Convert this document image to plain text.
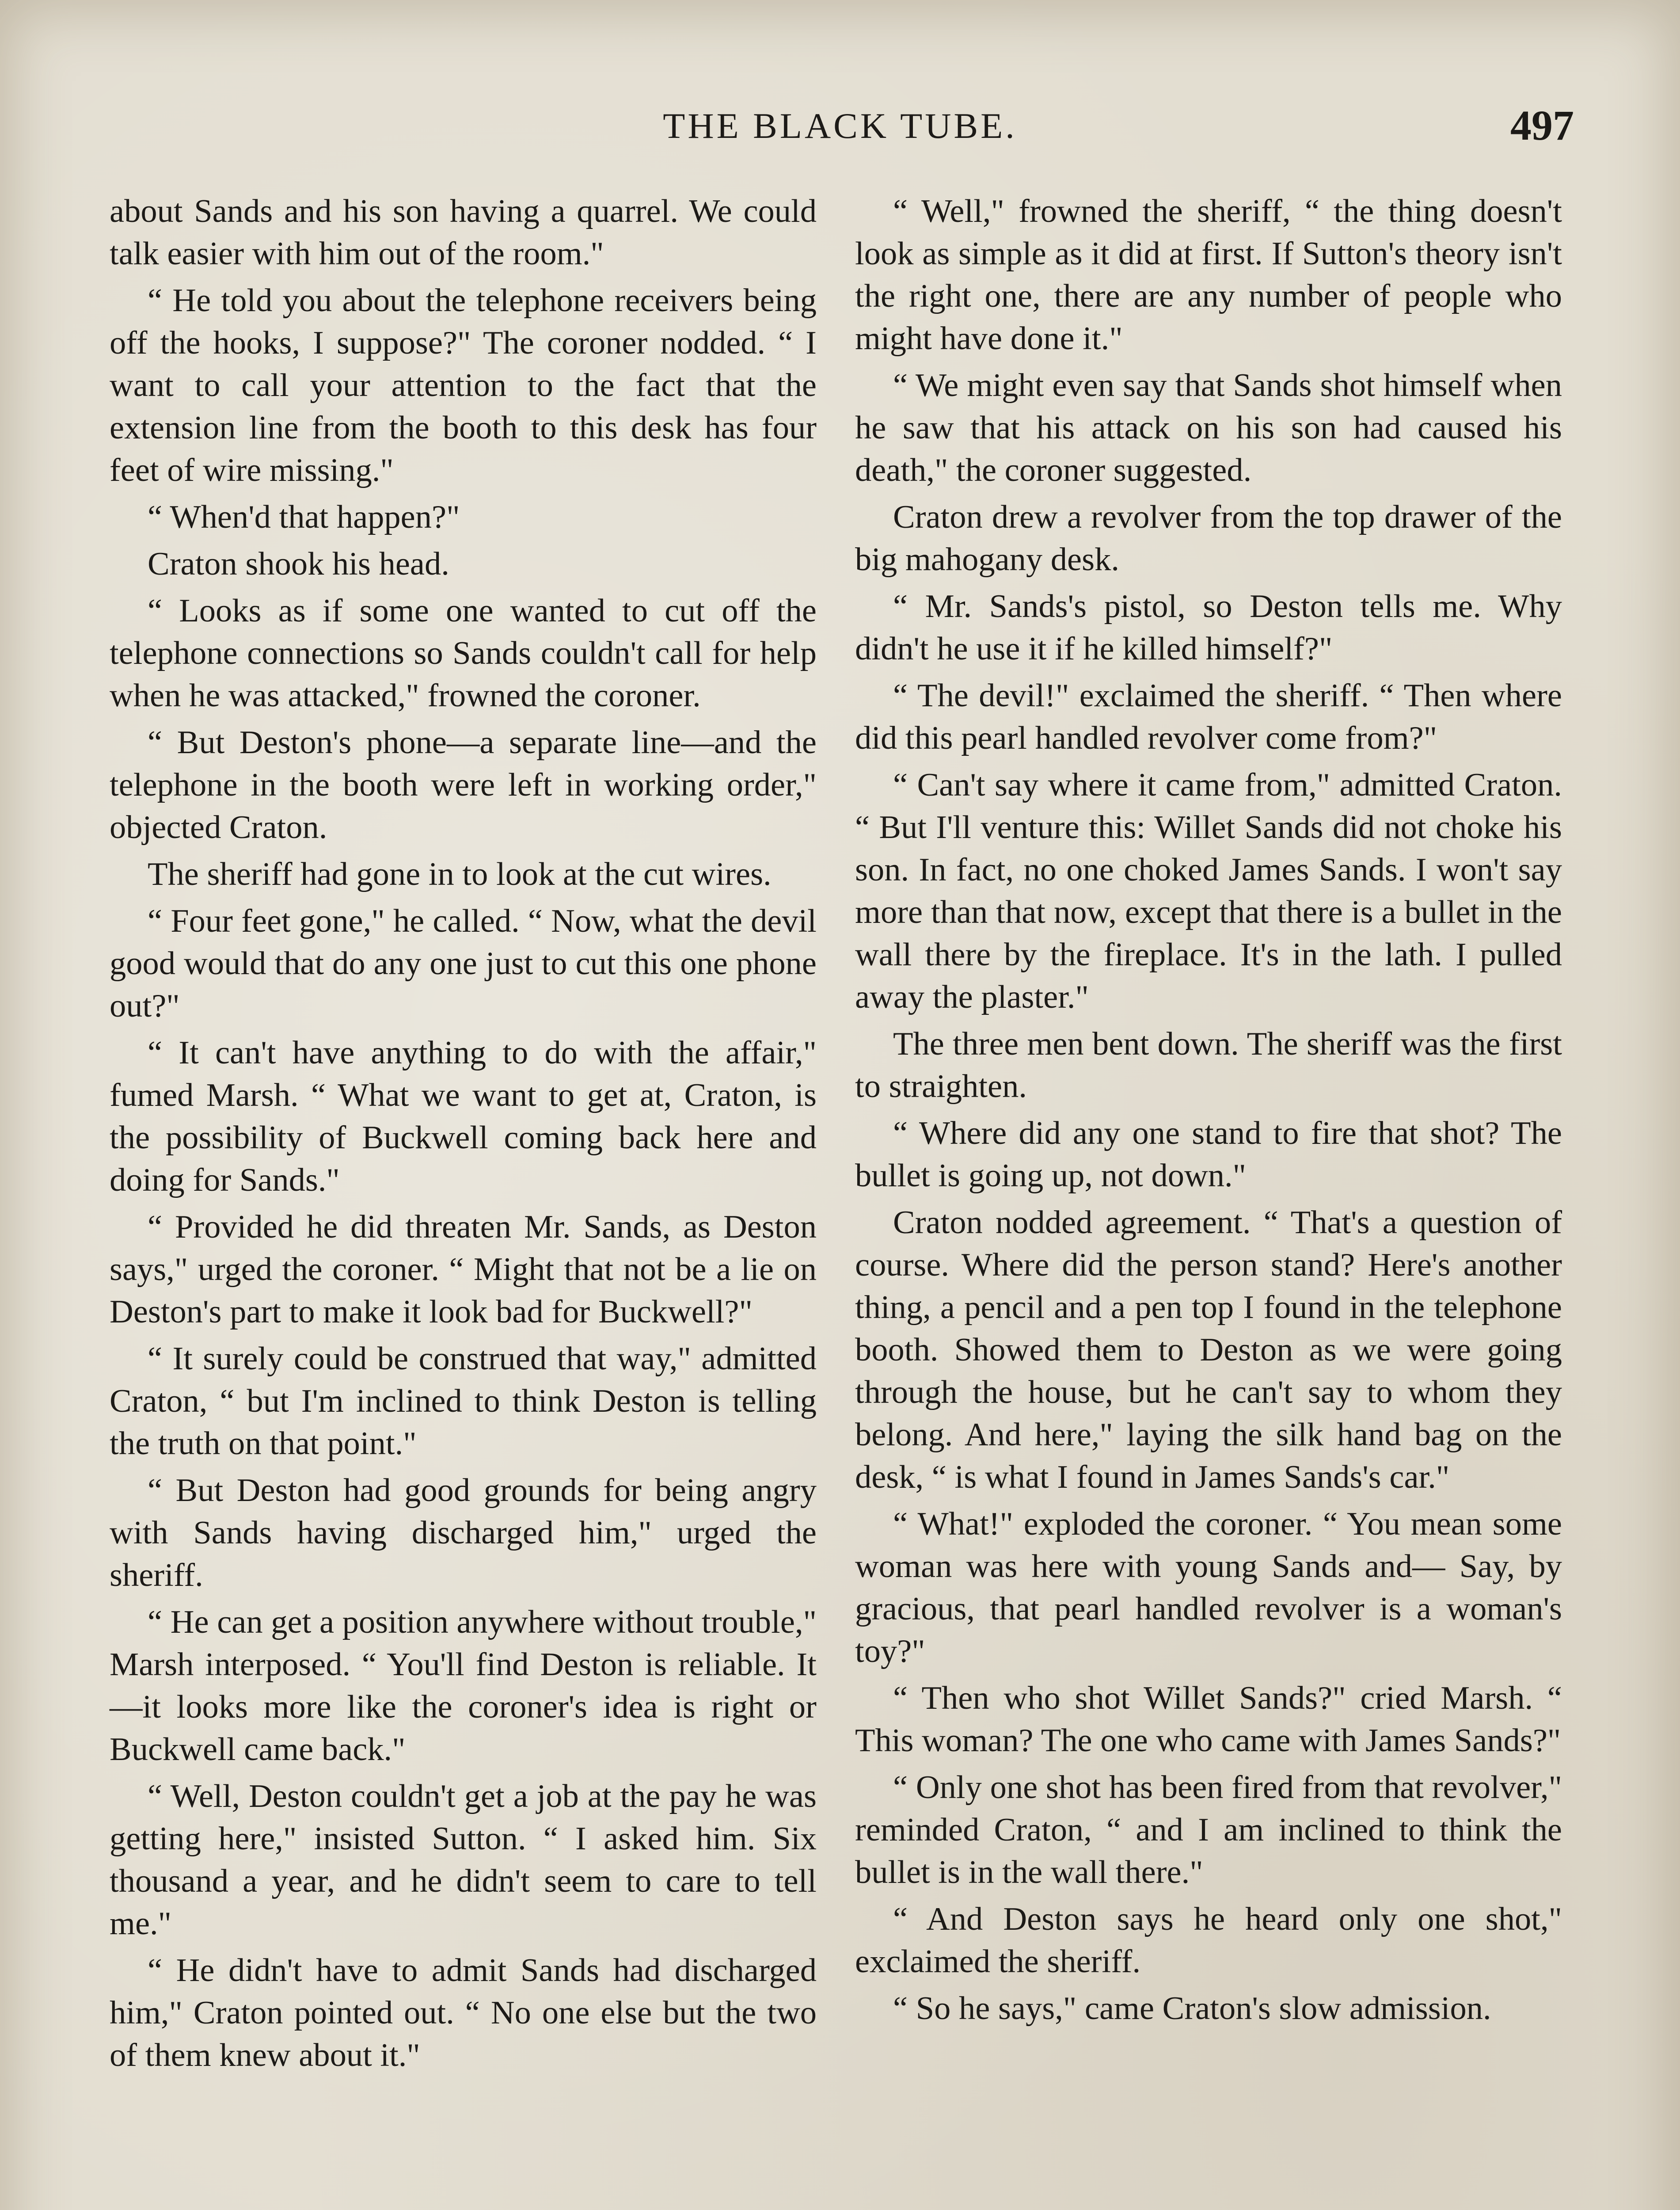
THE BLACK TUBE.	497

about Sands and his son having a quarrel. We could talk easier with him out of the room."

“ He told you about the telephone receivers being off the hooks, I suppose?" The coroner nodded. “ I want to call your attention to the fact that the extension line from the booth to this desk has four feet of wire missing."

“ When'd that happen?"

Craton shook his head.

“ Looks as if some one wanted to cut off the telephone connections so Sands couldn't call for help when he was attacked," frowned the coroner.

“ But Deston's phone—a separate line—and the telephone in the booth were left in working order," objected Craton.

The sheriff had gone in to look at the cut wires.

“ Four feet gone," he called. “ Now, what the devil good would that do any one just to cut this one phone out?"

“ It can't have anything to do with the affair," fumed Marsh. “ What we want to get at, Craton, is the possibility of Buckwell coming back here and doing for Sands."

“ Provided he did threaten Mr. Sands, as Deston says," urged the coroner. “ Might that not be a lie on Deston's part to make it look bad for Buckwell?"

“ It surely could be construed that way," admitted Craton, “ but I'm inclined to think Deston is telling the truth on that point."

“ But Deston had good grounds for being angry with Sands having discharged him," urged the sheriff.

“ He can get a position anywhere without trouble," Marsh interposed. “ You'll find Deston is reliable. It—it looks more like the coroner's idea is right or Buckwell came back."

“ Well, Deston couldn't get a job at the pay he was getting here," insisted Sutton. “ I asked him. Six thousand a year, and he didn't seem to care to tell me."

“ He didn't have to admit Sands had discharged him," Craton pointed out. “ No one else but the two of them knew about it."

“ Well," frowned the sheriff, “ the thing doesn't look as simple as it did at first. If Sutton's theory isn't the right one, there are any number of people who might have done it."

“ We might even say that Sands shot himself when he saw that his attack on his son had caused his death," the coroner suggested.

Craton drew a revolver from the top drawer of the big mahogany desk.

“ Mr. Sands's pistol, so Deston tells me. Why didn't he use it if he killed himself?"

“ The devil!" exclaimed the sheriff. “ Then where did this pearl handled revolver come from?"

“ Can't say where it came from," admitted Craton. “ But I'll venture this: Willet Sands did not choke his son. In fact, no one choked James Sands. I won't say more than that now, except that there is a bullet in the wall there by the fireplace. It's in the lath. I pulled away the plaster."

The three men bent down. The sheriff was the first to straighten.

“ Where did any one stand to fire that shot? The bullet is going up, not down."

Craton nodded agreement. “ That's a question of course. Where did the person stand? Here's another thing, a pencil and a pen top I found in the telephone booth. Showed them to Deston as we were going through the house, but he can't say to whom they belong. And here," laying the silk hand bag on the desk, “ is what I found in James Sands's car."

“ What!" exploded the coroner. “ You mean some woman was here with young Sands and— Say, by gracious, that pearl handled revolver is a woman's toy?"

“ Then who shot Willet Sands?" cried Marsh. “ This woman? The one who came with James Sands?"

“ Only one shot has been fired from that revolver," reminded Craton, “ and I am inclined to think the bullet is in the wall there."

“ And Deston says he heard only one shot," exclaimed the sheriff.

“ So he says," came Craton's slow admission.
